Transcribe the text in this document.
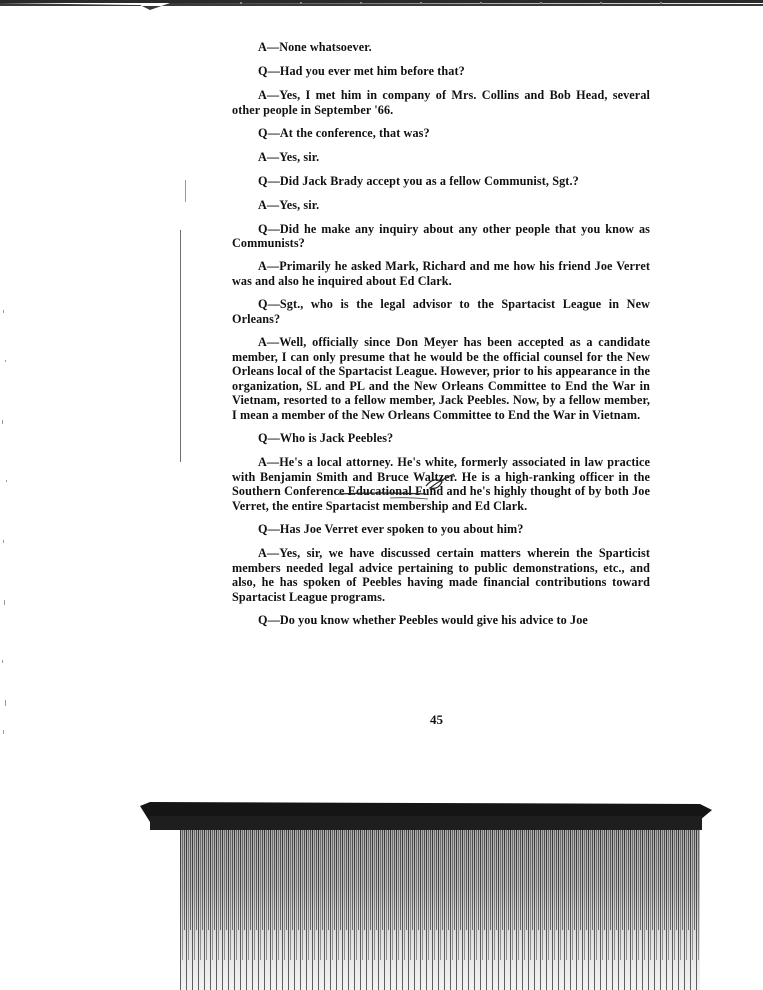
A—None whatsoever.

Q—Had you ever met him before that?

A—Yes, I met him in company of Mrs. Collins and Bob Head, several other people in September '66.

Q—At the conference, that was?

A—Yes, sir.

Q—Did Jack Brady accept you as a fellow Communist, Sgt.?

A—Yes, sir.

Q—Did he make any inquiry about any other people that you know as Communists?

A—Primarily he asked Mark, Richard and me how his friend Joe Verret was and also he inquired about Ed Clark.

Q—Sgt., who is the legal advisor to the Spartacist League in New Orleans?

A—Well, officially since Don Meyer has been accepted as a candidate member, I can only presume that he would be the official counsel for the New Orleans local of the Spartacist League. However, prior to his appearance in the organization, SL and PL and the New Orleans Committee to End the War in Vietnam, resorted to a fellow member, Jack Peebles. Now, by a fellow member, I mean a member of the New Orleans Committee to End the War in Vietnam.

Q—Who is Jack Peebles?

A—He's a local attorney. He's white, formerly associated in law practice with Benjamin Smith and Bruce Waltzer. He is a high-ranking officer in the Southern Conference Educational Fund and he's highly thought of by both Joe Verret, the entire Spartacist membership and Ed Clark.

Q—Has Joe Verret ever spoken to you about him?

A—Yes, sir, we have discussed certain matters wherein the Sparticist members needed legal advice pertaining to public demonstrations, etc., and also, he has spoken of Peebles having made financial contributions toward Spartacist League programs.

Q—Do you know whether Peebles would give his advice to Joe

45
